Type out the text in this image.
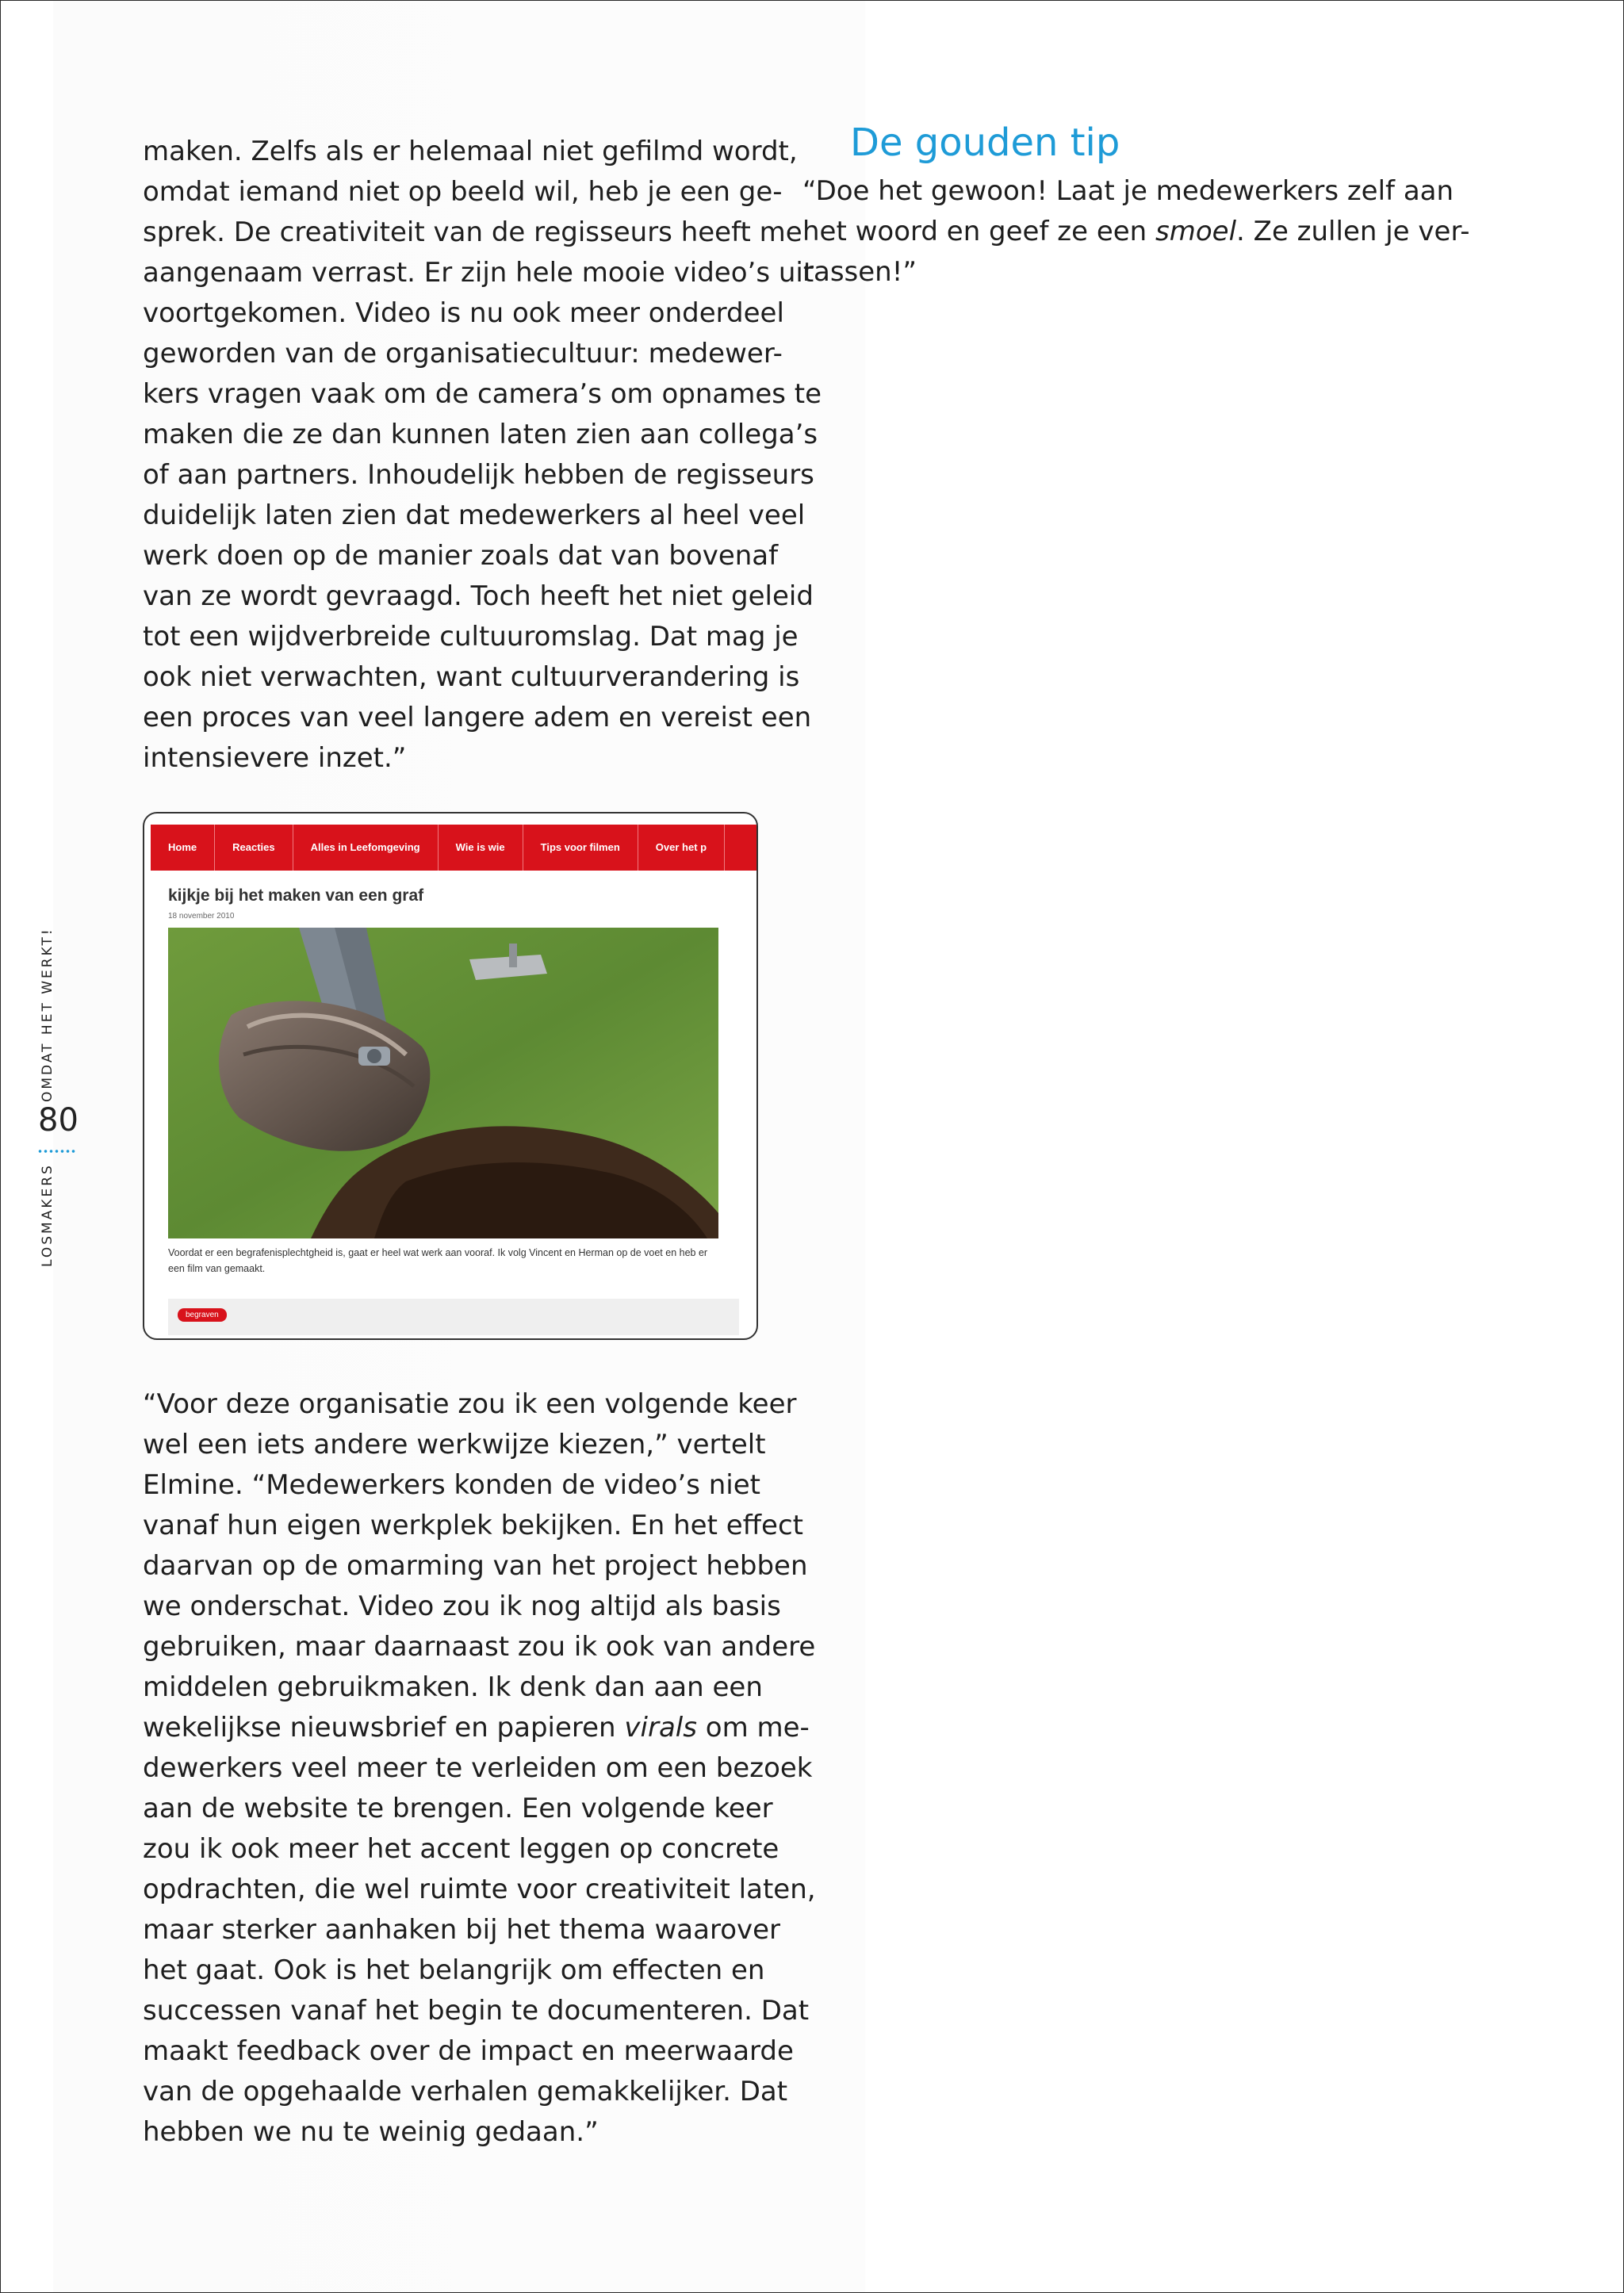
OMDAT HET WERKT!
80
LOSMAKERS

maken. Zelfs als er helemaal niet gefilmd wordt,

omdat iemand niet op beeld wil, heb je een ge-

sprek. De creativiteit van de regisseurs heeft me

aangenaam verrast. Er zijn hele mooie video’s uit

voortgekomen. Video is nu ook meer onderdeel

geworden van de organisatiecultuur: medewer-

kers vragen vaak om de camera’s om opnames te

maken die ze dan kunnen laten zien aan collega’s

of aan partners. Inhoudelijk hebben de regisseurs

duidelijk laten zien dat medewerkers al heel veel

werk doen op de manier zoals dat van bovenaf

van ze wordt gevraagd. Toch heeft het niet geleid

tot een wijdverbreide cultuuromslag. Dat mag je

ook niet verwachten, want cultuurverandering is

een proces van veel langere adem en vereist een

intensievere inzet.”

Home	Reacties	Alles in Leefomgeving	Wie is wie	Tips voor filmen	Over het p
kijkje bij het maken van een graf
18 november 2010
Voordat er een begrafenisplechtgheid is, gaat er heel wat werk aan vooraf. Ik volg Vincent en Herman op de voet en heb er een film van gemaakt.
begraven

“Voor deze organisatie zou ik een volgende keer

wel een iets andere werkwijze kiezen,” vertelt

Elmine. “Medewerkers konden de video’s niet

vanaf hun eigen werkplek bekijken. En het effect

daarvan op de omarming van het project hebben

we onderschat. Video zou ik nog altijd als basis

gebruiken, maar daarnaast zou ik ook van andere

middelen gebruikmaken. Ik denk dan aan een

wekelijkse nieuwsbrief en papieren virals om me-

dewerkers veel meer te verleiden om een bezoek

aan de website te brengen. Een volgende keer

zou ik ook meer het accent leggen op concrete

opdrachten, die wel ruimte voor creativiteit laten,

maar sterker aanhaken bij het thema waarover

het gaat. Ook is het belangrijk om effecten en

successen vanaf het begin te documenteren. Dat

maakt feedback over de impact en meerwaarde

van de opgehaalde verhalen gemakkelijker. Dat

hebben we nu te weinig gedaan.”

De gouden tip

“Doe het gewoon! Laat je medewerkers zelf aan

het woord en geef ze een smoel. Ze zullen je ver-

rassen!”
